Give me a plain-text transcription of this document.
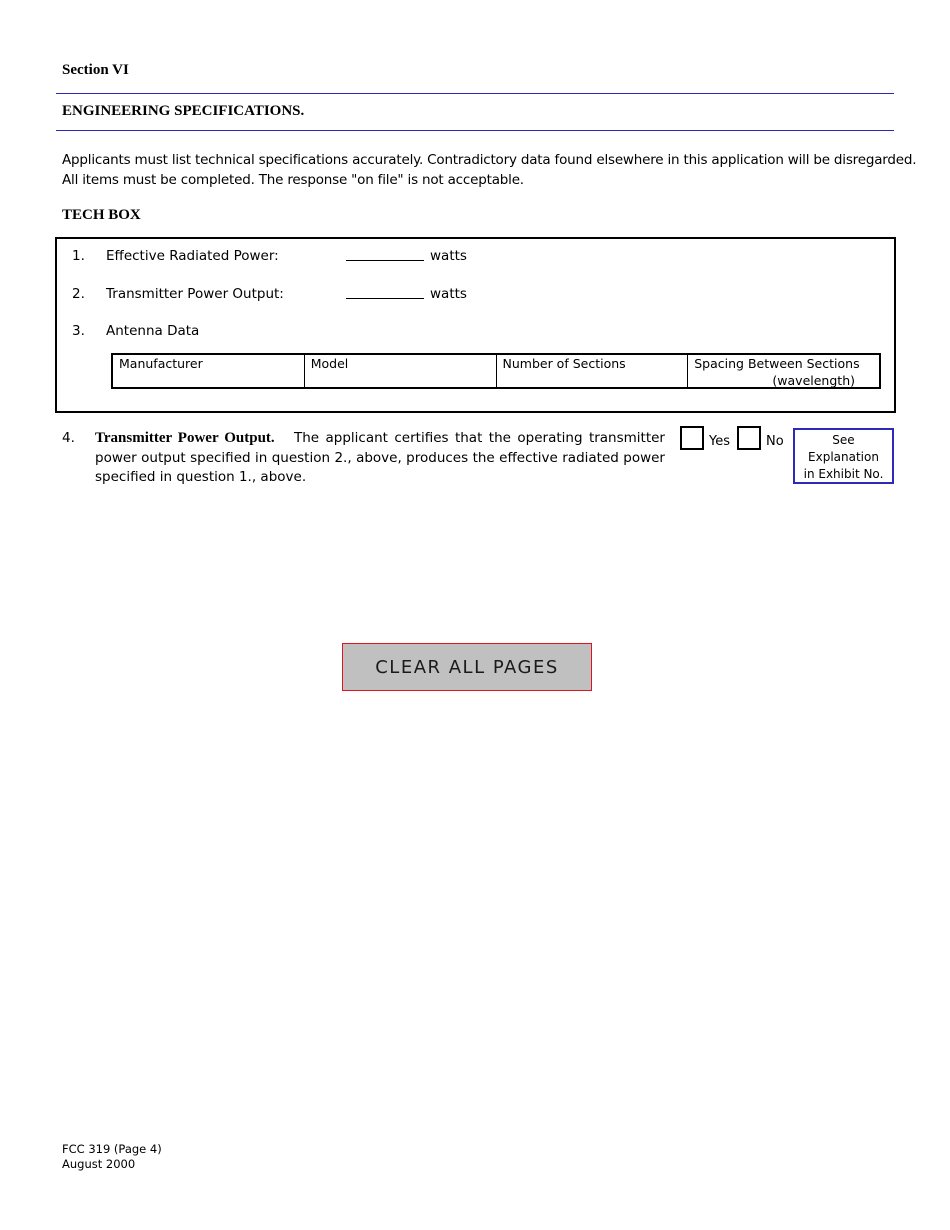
Section VI
ENGINEERING SPECIFICATIONS.
Applicants must list technical specifications accurately. Contradictory data found elsewhere in this application will be disregarded.
All items must be completed. The response "on file" is not acceptable.
TECH BOX
1. Effective Radiated Power:	watts
2. Transmitter Power Output:	watts
3. Antenna Data
Manufacturer	Model	Number of Sections	Spacing Between Sections
(wavelength)
4. Transmitter Power Output. The applicant certifies that the operating transmitter power output specified in question 2., above, produces the effective radiated power specified in question 1., above.
Yes	No	See Explanation
in Exhibit No.
CLEAR ALL PAGES
FCC 319 (Page 4)
August 2000
